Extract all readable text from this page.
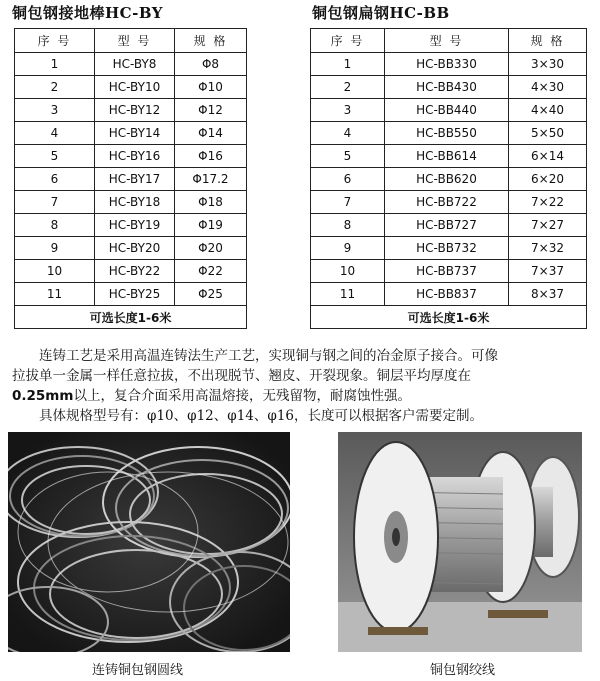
铜包钢接地棒HC-BY	铜包钢扁钢HC-BB
序 号	型 号	规 格
1	HC-BY8	Φ8
2	HC-BY10	Φ10
3	HC-BY12	Φ12
4	HC-BY14	Φ14
5	HC-BY16	Φ16
6	HC-BY17	Φ17.2
7	HC-BY18	Φ18
8	HC-BY19	Φ19
9	HC-BY20	Φ20
10	HC-BY22	Φ22
11	HC-BY25	Φ25
可选长度1-6米		
序 号	型 号	规 格
1	HC-BB330	3×30
2	HC-BB430	4×30
3	HC-BB440	4×40
4	HC-BB550	5×50
5	HC-BB614	6×14
6	HC-BB620	6×20
7	HC-BB722	7×22
8	HC-BB727	7×27
9	HC-BB732	7×32
10	HC-BB737	7×37
11	HC-BB837	8×37
可选长度1-6米		
　　连铸工艺是采用高温连铸法生产工艺，实现铜与钢之间的冶金原子接合。可像
拉拔单一金属一样任意拉拔，不出现脱节、翘皮、开裂现象。铜层平均厚度在
0.25mm以上，复合介面采用高温熔接，无残留物，耐腐蚀性强。
　　具体规格型号有：φ10、φ12、φ14、φ16，长度可以根据客户需要定制。
连铸铜包钢圆线	铜包钢绞线
